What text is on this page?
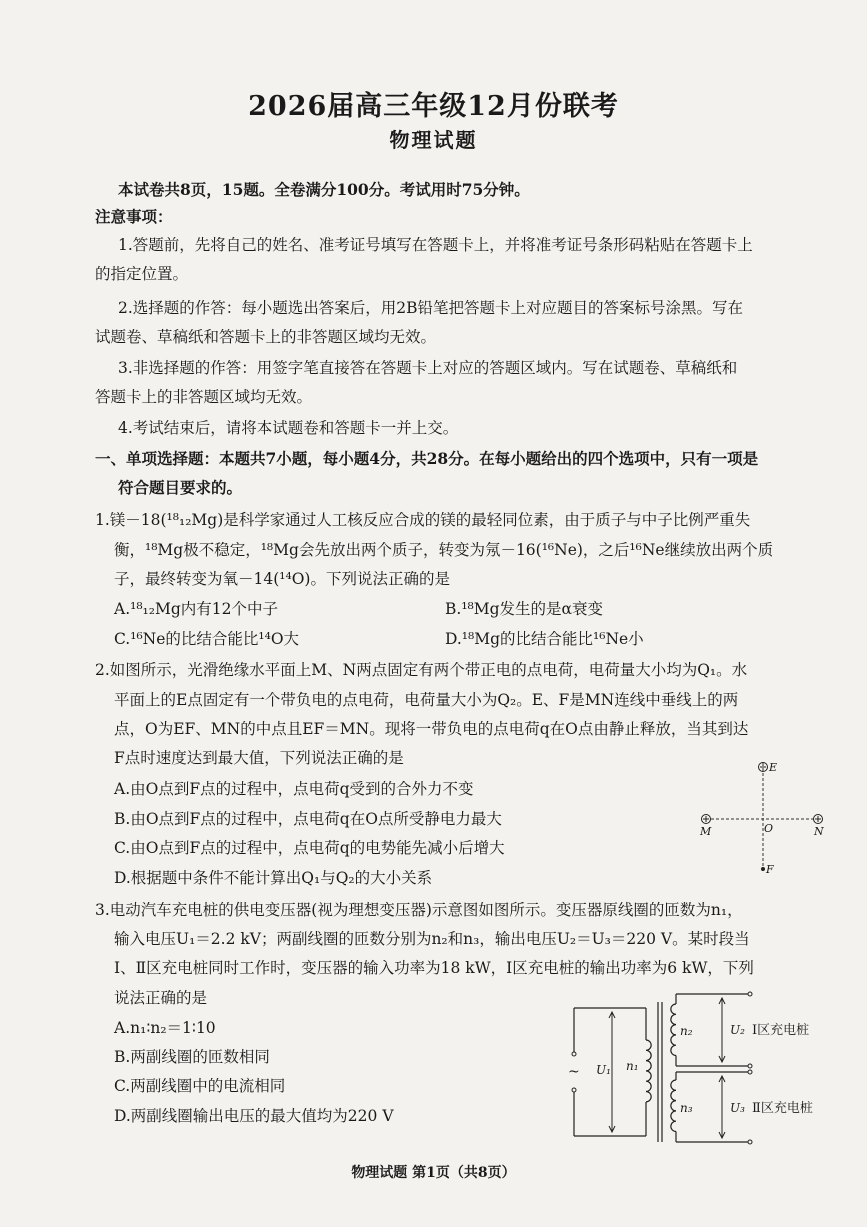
2026届高三年级12月份联考
物理试题
本试卷共8页，15题。全卷满分100分。考试用时75分钟。
注意事项：
1.答题前，先将自己的姓名、准考证号填写在答题卡上，并将准考证号条形码粘贴在答题卡上
的指定位置。
2.选择题的作答：每小题选出答案后，用2B铅笔把答题卡上对应题目的答案标号涂黑。写在
试题卷、草稿纸和答题卡上的非答题区域均无效。
3.非选择题的作答：用签字笔直接答在答题卡上对应的答题区域内。写在试题卷、草稿纸和
答题卡上的非答题区域均无效。
4.考试结束后，请将本试题卷和答题卡一并上交。
一、单项选择题：本题共7小题，每小题4分，共28分。在每小题给出的四个选项中，只有一项是
符合题目要求的。
1.镁－18(¹⁸₁₂Mg)是科学家通过人工核反应合成的镁的最轻同位素，由于质子与中子比例严重失
衡，¹⁸Mg极不稳定，¹⁸Mg会先放出两个质子，转变为氖－16(¹⁶Ne)，之后¹⁶Ne继续放出两个质
子，最终转变为氧－14(¹⁴O)。下列说法正确的是
A.¹⁸₁₂Mg内有12个中子	B.¹⁸Mg发生的是α衰变
C.¹⁶Ne的比结合能比¹⁴O大	D.¹⁸Mg的比结合能比¹⁶Ne小
2.如图所示，光滑绝缘水平面上M、N两点固定有两个带正电的点电荷，电荷量大小均为Q₁。水
平面上的E点固定有一个带负电的点电荷，电荷量大小为Q₂。E、F是MN连线中垂线上的两
点，O为EF、MN的中点且EF＝MN。现将一带负电的点电荷q在O点由静止释放，当其到达
F点时速度达到最大值，下列说法正确的是
A.由O点到F点的过程中，点电荷q受到的合外力不变
B.由O点到F点的过程中，点电荷q在O点所受静电力最大
C.由O点到F点的过程中，点电荷q的电势能先减小后增大
D.根据题中条件不能计算出Q₁与Q₂的大小关系
E
M	O	N
F
3.电动汽车充电桩的供电变压器(视为理想变压器)示意图如图所示。变压器原线圈的匝数为n₁，
输入电压U₁＝2.2 kV；两副线圈的匝数分别为n₂和n₃，输出电压U₂＝U₃＝220 V。某时段当
Ⅰ、Ⅱ区充电桩同时工作时，变压器的输入功率为18 kW，Ⅰ区充电桩的输出功率为6 kW，下列
说法正确的是
A.n₁∶n₂＝1∶10
B.两副线圈的匝数相同
C.两副线圈中的电流相同
D.两副线圈输出电压的最大值均为220 V
~ U₁ n₁
n₂	U₂ Ⅰ区充电桩
n₃	U₃ Ⅱ区充电桩
物理试题 第1页（共8页）
